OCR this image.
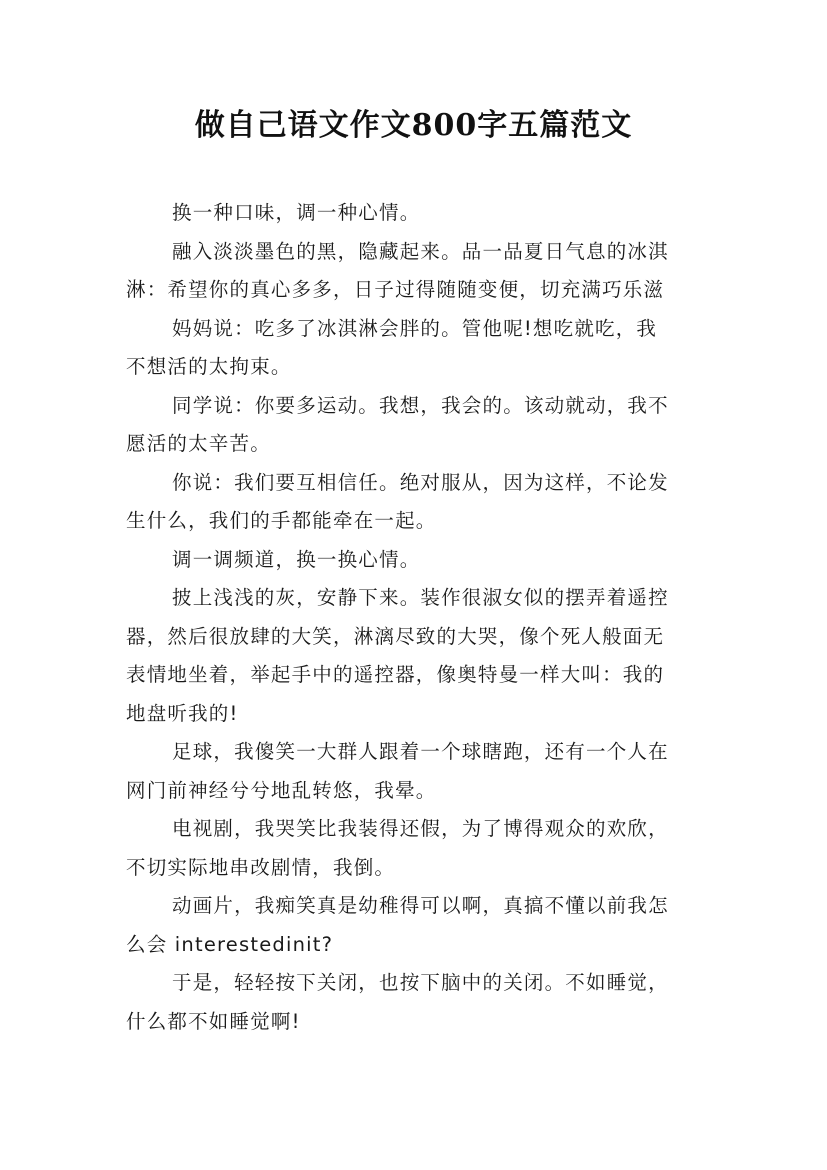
做自己语文作文800字五篇范文

换一种口味，调一种心情。

融入淡淡墨色的黑，隐藏起来。品一品夏日气息的冰淇
淋：希望你的真心多多，日子过得随随变便，切充满巧乐滋

妈妈说：吃多了冰淇淋会胖的。管他呢!想吃就吃，我
不想活的太拘束。

同学说：你要多运动。我想，我会的。该动就动，我不
愿活的太辛苦。

你说：我们要互相信任。绝对服从，因为这样，不论发
生什么，我们的手都能牵在一起。

调一调频道，换一换心情。

披上浅浅的灰，安静下来。装作很淑女似的摆弄着遥控
器，然后很放肆的大笑，淋漓尽致的大哭，像个死人般面无
表情地坐着，举起手中的遥控器，像奥特曼一样大叫：我的
地盘听我的!

足球，我傻笑一大群人跟着一个球瞎跑，还有一个人在
网门前神经兮兮地乱转悠，我晕。

电视剧，我哭笑比我装得还假，为了博得观众的欢欣，
不切实际地串改剧情，我倒。

动画片，我痴笑真是幼稚得可以啊，真搞不懂以前我怎
么会 interestedinit?

于是，轻轻按下关闭，也按下脑中的关闭。不如睡觉，
什么都不如睡觉啊!
